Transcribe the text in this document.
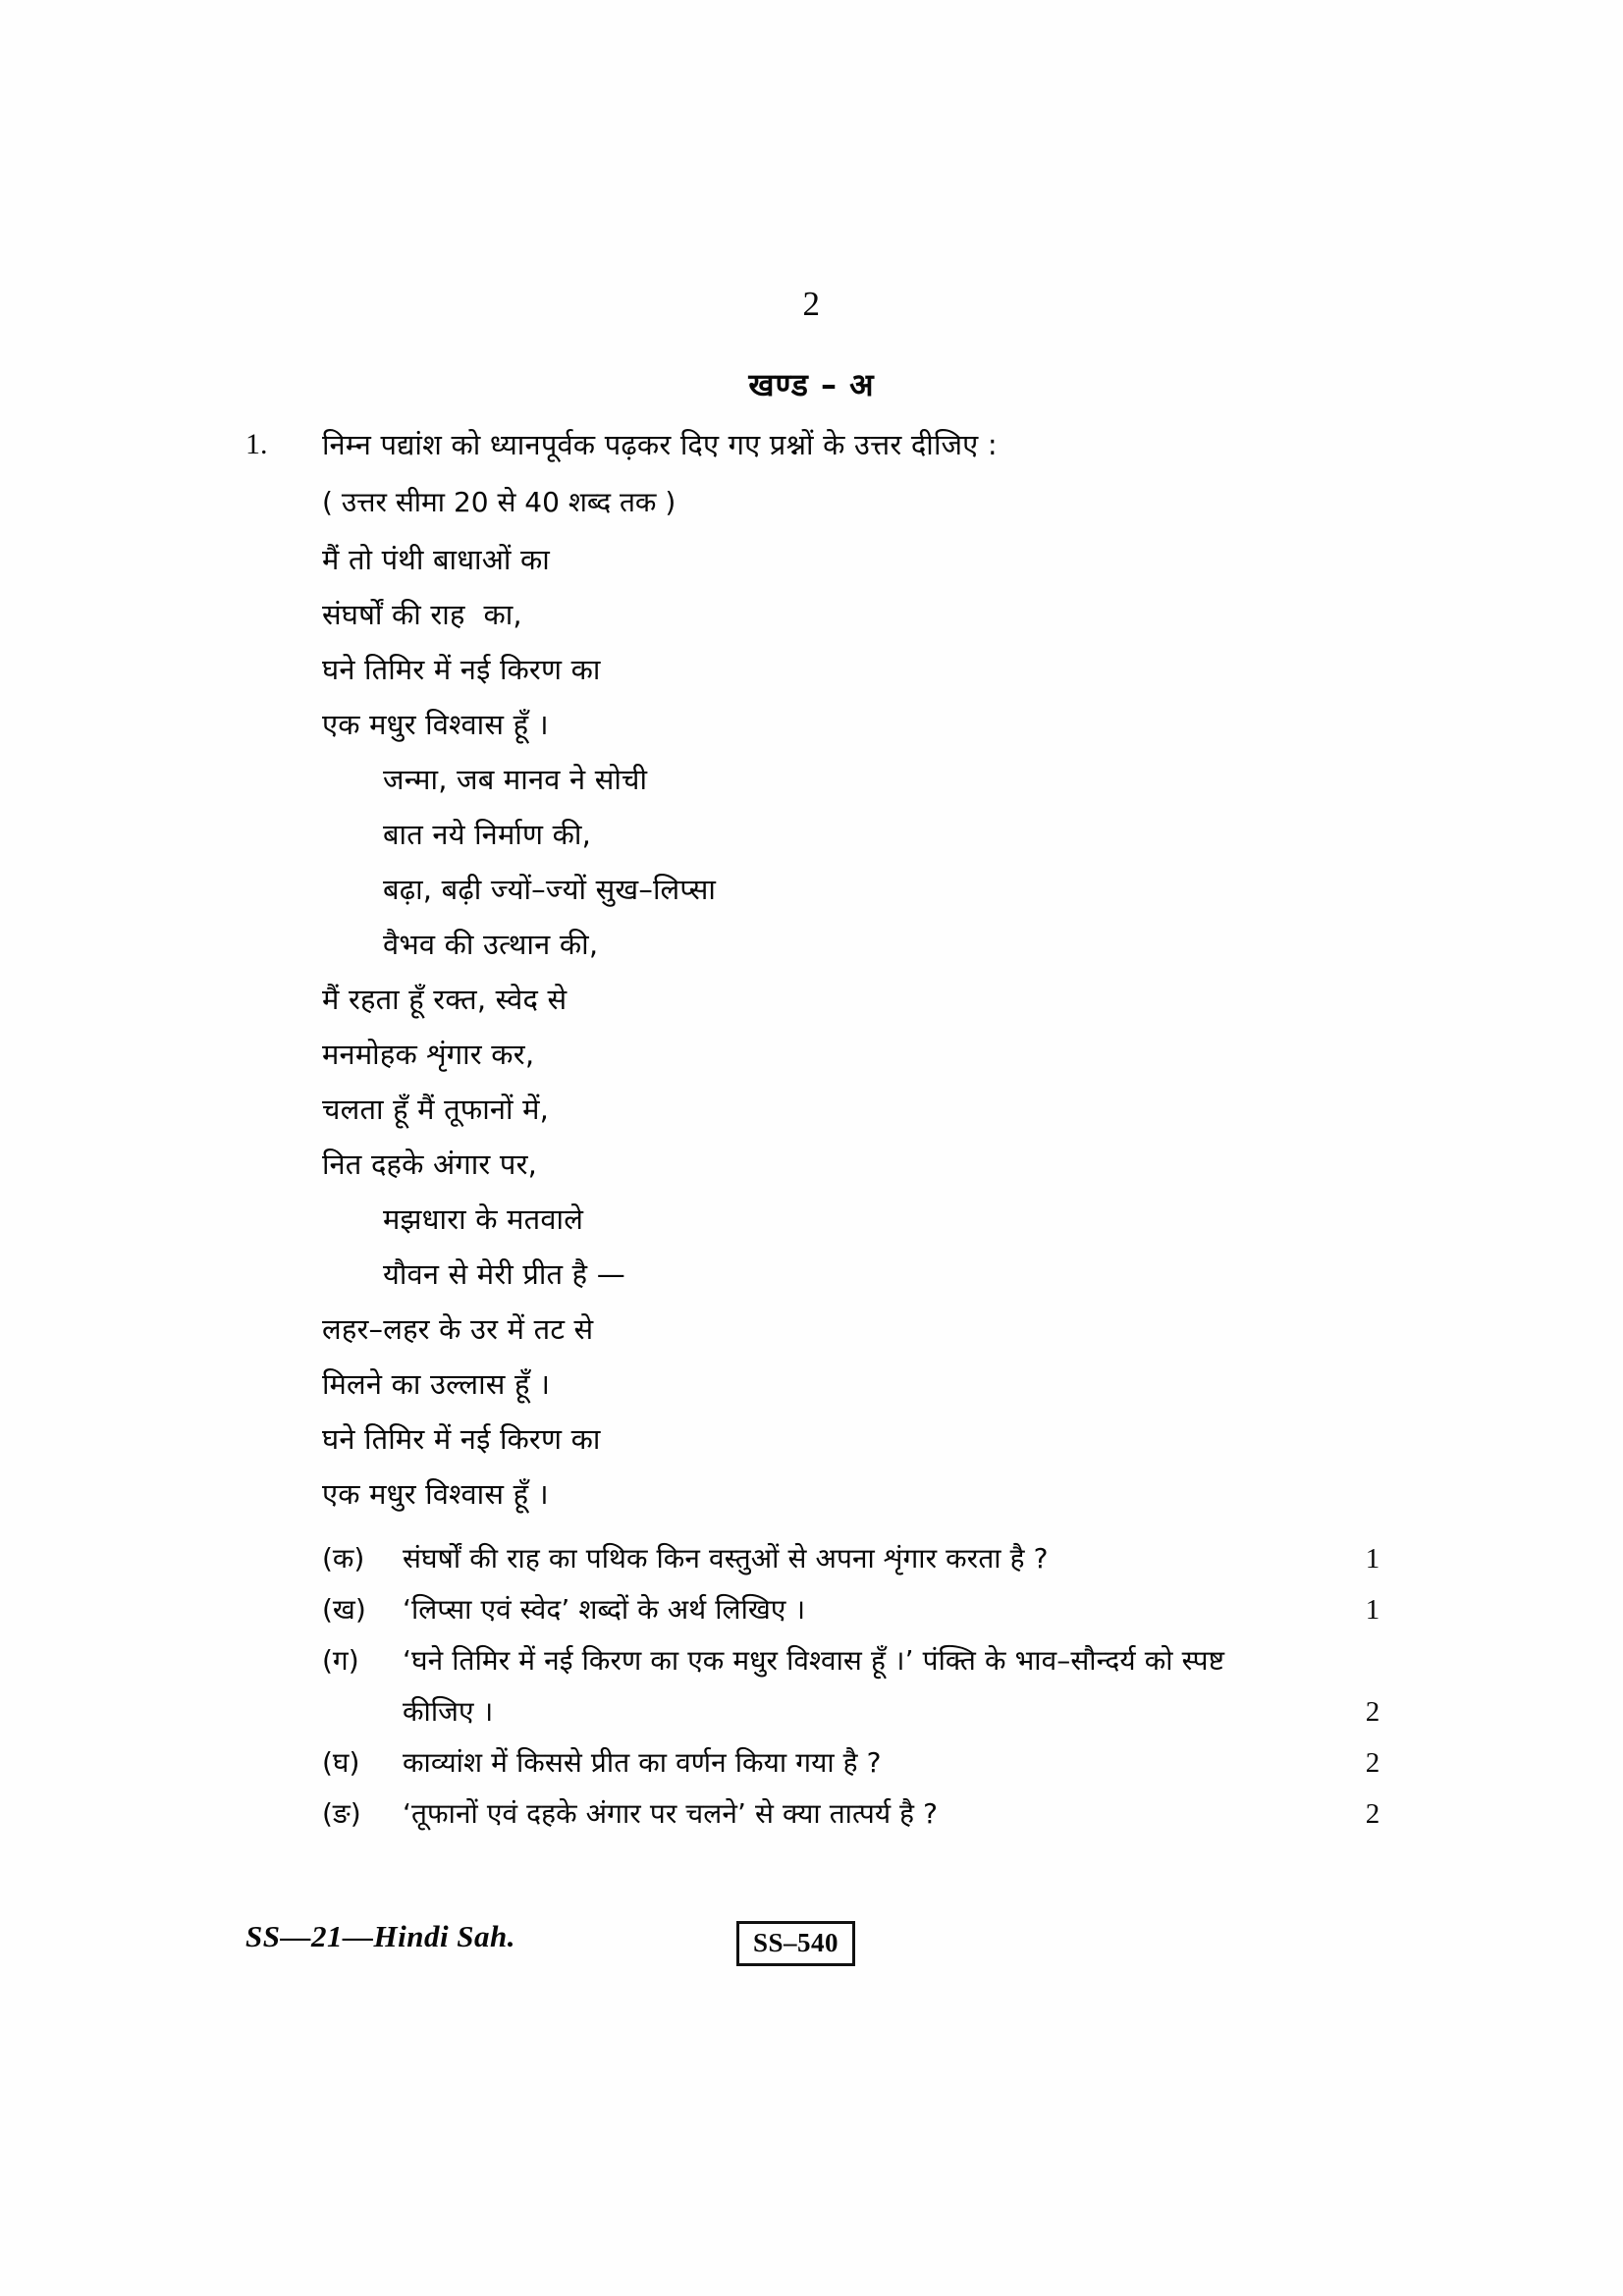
2
खण्ड – अ
1.	निम्न पद्यांश को ध्यानपूर्वक पढ़कर दिए गए प्रश्नों के उत्तर दीजिए :
( उत्तर सीमा 20 से 40 शब्द तक )
मैं तो पंथी बाधाओं का
संघर्षों की राह  का,
घने तिमिर में नई किरण का
एक मधुर विश्वास हूँ ।
जन्मा, जब मानव ने सोची
बात नये निर्माण की,
बढ़ा, बढ़ी ज्यों–ज्यों सुख–लिप्सा
वैभव की उत्थान की,
मैं रहता हूँ रक्त, स्वेद से
मनमोहक शृंगार कर,
चलता हूँ मैं तूफानों में,
नित दहके अंगार पर,
मझधारा के मतवाले
यौवन से मेरी प्रीत है —
लहर–लहर के उर में तट से
मिलने का उल्लास हूँ ।
घने तिमिर में नई किरण का
एक मधुर विश्वास हूँ ।
(क)	संघर्षों की राह का पथिक किन वस्तुओं से अपना शृंगार करता है ?	1
(ख)	‘लिप्सा एवं स्वेद’ शब्दों के अर्थ लिखिए ।	1
(ग)	‘घने तिमिर में नई किरण का एक मधुर विश्वास हूँ ।’ पंक्ति के भाव–सौन्दर्य को स्पष्ट
कीजिए ।	2
(घ)	काव्यांश में किससे प्रीत का वर्णन किया गया है ?	2
(ङ)	‘तूफानों एवं दहके अंगार पर चलने’ से क्या तात्पर्य है ?	2
SS—21—Hindi Sah.	SS–540
